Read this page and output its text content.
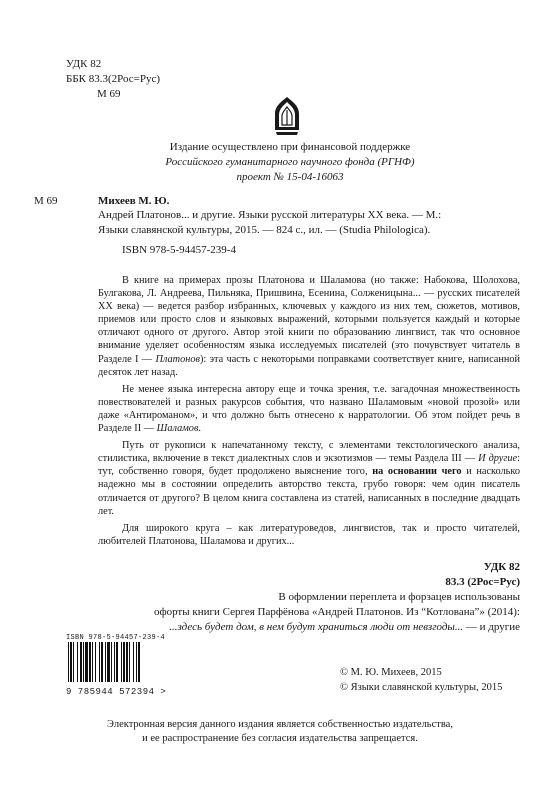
УДК 82
ББК 83.3(2Рос=Рус)
М 69
Издание осуществлено при финансовой поддержке
Российского гуманитарного научного фонда (РГНФ)
проект № 15-04-16063
М 69	Михеев М. Ю.
Андрей Платонов... и другие. Языки русской литературы XX века. — М.:
Языки славянской культуры, 2015. — 824 с., ил. — (Studia Philologica).
ISBN 978-5-94457-239-4

В книге на примерах прозы Платонова и Шаламова (но также: Набокова, Шолохова, Булгакова, Л. Андреева, Пильняка, Пришвина, Есенина, Солженицына... — русских писателей XX века) — ведется разбор избранных, ключевых у каждого из них тем, сюжетов, мотивов, приемов или просто слов и языковых выражений, которыми пользуется каждый и которые отличают одного от другого. Автор этой книги по образованию лингвист, так что основное внимание уделяет особенностям языка исследуемых писателей (это почувствует читатель в Разделе I — Платонов): эта часть с некоторыми поправками соответствует книге, написанной десяток лет назад.

Не менее языка интересна автору еще и точка зрения, т.е. загадочная множественность повествователей и разных ракурсов события, что названо Шаламовым «новой прозой» или даже «Антироманом», и что должно быть отнесено к нарратологии. Об этом пойдет речь в Разделе II — Шаламов.

Путь от рукописи к напечатанному тексту, с элементами текстологического анализа, стилистика, включение в текст диалектных слов и экзотизмов — темы Раздела III — И другие: тут, собственно говоря, будет продолжено выяснение того, на основании чего и насколько надежно мы в состоянии определить авторство текста, грубо говоря: чем один писатель отличается от другого? В целом книга составлена из статей, написанных в последние двадцать лет.

Для широкого круга – как литературоведов, лингвистов, так и просто читателей, любителей Платонова, Шаламова и других...

УДК 82
83.3 (2Рос=Рус)
В оформлении переплета и форзацев использованы
офорты книги Сергея Парфёнова «Андрей Платонов. Из “Котлована”» (2014):
...здесь будет дом, в нем будут храниться люди от невзгоды... — и другие
ISBN 978-5-94457-239-4
9 785944 572394 >
© М. Ю. Михеев, 2015
© Языки славянской культуры, 2015
Электронная версия данного издания является собственностью издательства,
и ее распространение без согласия издательства запрещается.
